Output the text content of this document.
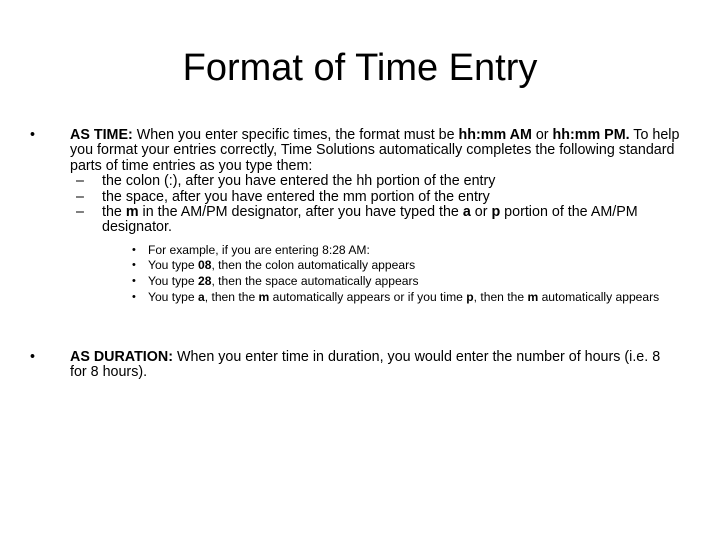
Format of Time Entry
• AS TIME: When you enter specific times, the format must be hh:mm AM or hh:mm PM. To help you format your entries correctly, Time Solutions automatically completes the following standard parts of time entries as you type them:
– the colon (:), after you have entered the hh portion of the entry
– the space, after you have entered the mm portion of the entry
– the m in the AM/PM designator, after you have typed the a or p portion of the AM/PM designator.
• For example, if you are entering 8:28 AM:
• You type 08, then the colon automatically appears
• You type 28, then the space automatically appears
• You type a, then the m automatically appears or if you time p, then the m automatically appears
• AS DURATION: When you enter time in duration, you would enter the number of hours (i.e. 8 for 8 hours).
